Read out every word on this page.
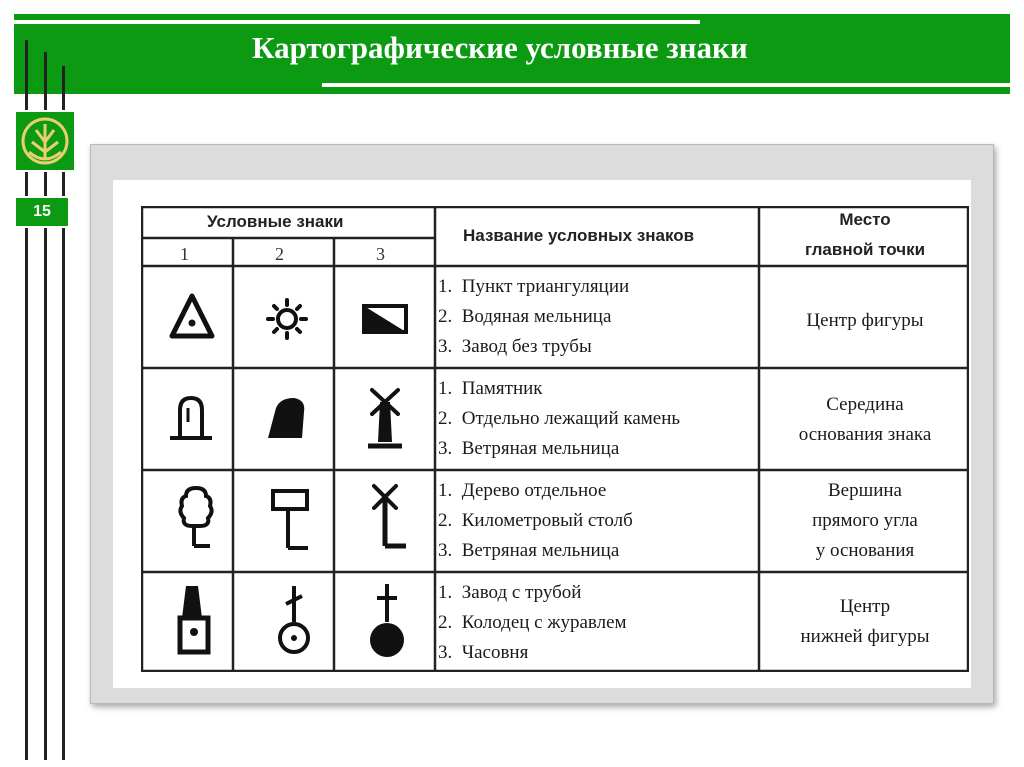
Картографические условные знаки
15
Условные знаки
1	2	3
Название условных знаков
Место
главной точки
1.  Пункт триангуляции
2.  Водяная мельница
3.  Завод без трубы
1.  Памятник
2.  Отдельно лежащий камень
3.  Ветряная мельница
1.  Дерево отдельное
2.  Километровый столб
3.  Ветряная мельница
1.  Завод с трубой
2.  Колодец с журавлем
3.  Часовня
Центр фигуры
Середина
основания знака
Вершина
прямого угла
у основания
Центр
нижней фигуры
